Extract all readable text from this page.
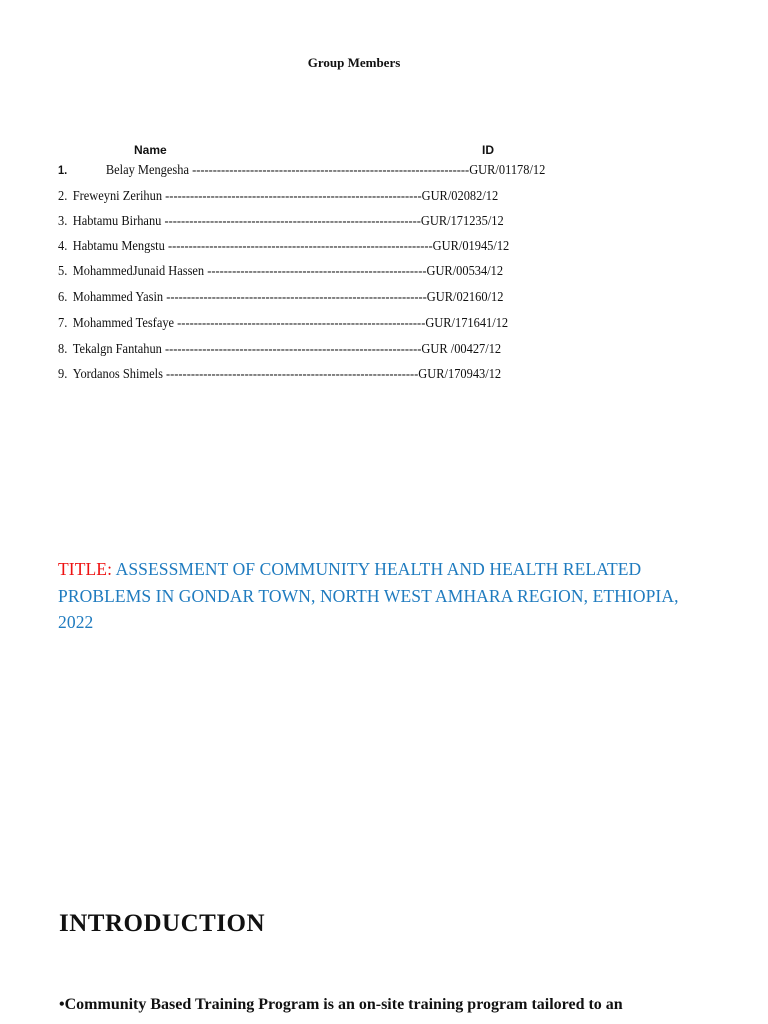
Group Members
Name	ID
1.	Belay Mengesha -------------------------------------------------------------------GUR/01178/12
2. Freweyni Zerihun --------------------------------------------------------------GUR/02082/12
3. Habtamu Birhanu --------------------------------------------------------------GUR/171235/12
4. Habtamu Mengstu ----------------------------------------------------------------GUR/01945/12
5. MohammedJunaid Hassen -----------------------------------------------------GUR/00534/12
6. Mohammed Yasin ---------------------------------------------------------------GUR/02160/12
7. Mohammed Tesfaye ------------------------------------------------------------GUR/171641/12
8. Tekalgn Fantahun --------------------------------------------------------------GUR /00427/12
9. Yordanos Shimels -------------------------------------------------------------GUR/170943/12
TITLE: ASSESSMENT OF COMMUNITY HEALTH AND HEALTH RELATED PROBLEMS IN GONDAR TOWN, NORTH WEST AMHARA REGION, ETHIOPIA, 2022
INTRODUCTION
•Community Based Training Program is an on-site training program tailored to an
